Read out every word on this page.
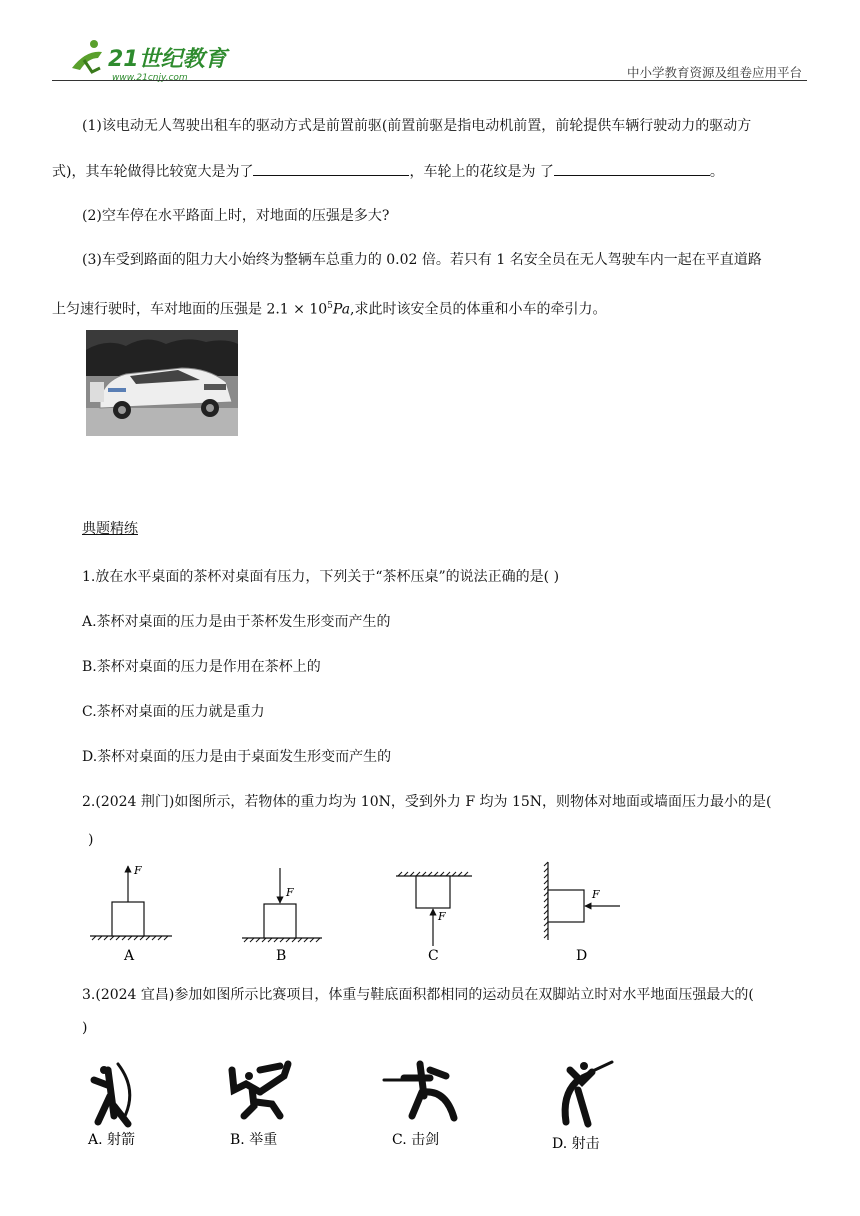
21世纪教育
www.21cnjy.com	中小学教育资源及组卷应用平台
(1)该电动无人驾驶出租车的驱动方式是前置前驱(前置前驱是指电动机前置，前轮提供车辆行驶动力的驱动方
式)，其车轮做得比较宽大是为了	，车轮上的花纹是为 了	。
(2)空车停在水平路面上时，对地面的压强是多大?
(3)车受到路面的阻力大小始终为整辆车总重力的 0.02 倍。若只有 1 名安全员在无人驾驶车内一起在平直道路
上匀速行驶时，车对地面的压强是 $2.1 \times 10^5Pa$,求此时该安全员的体重和小车的牵引力。
典题精练
1.放在水平桌面的茶杯对桌面有压力，下列关于“茶杯压桌”的说法正确的是( )
A.茶杯对桌面的压力是由于茶杯发生形变而产生的
B.茶杯对桌面的压力是作用在茶杯上的
C.茶杯对桌面的压力就是重力
D.茶杯对桌面的压力是由于桌面发生形变而产生的
2.(2024 荆门)如图所示，若物体的重力均为 10N，受到外力 F 均为 15N，则物体对地面或墙面压力最小的是(
)
F
A
F
B
F
C
F
D
3.(2024 宜昌)参加如图所示比赛项目，体重与鞋底面积都相同的运动员在双脚站立时对水平地面压强最大的(
)
A. 射箭	B. 举重	C. 击剑	D. 射击
